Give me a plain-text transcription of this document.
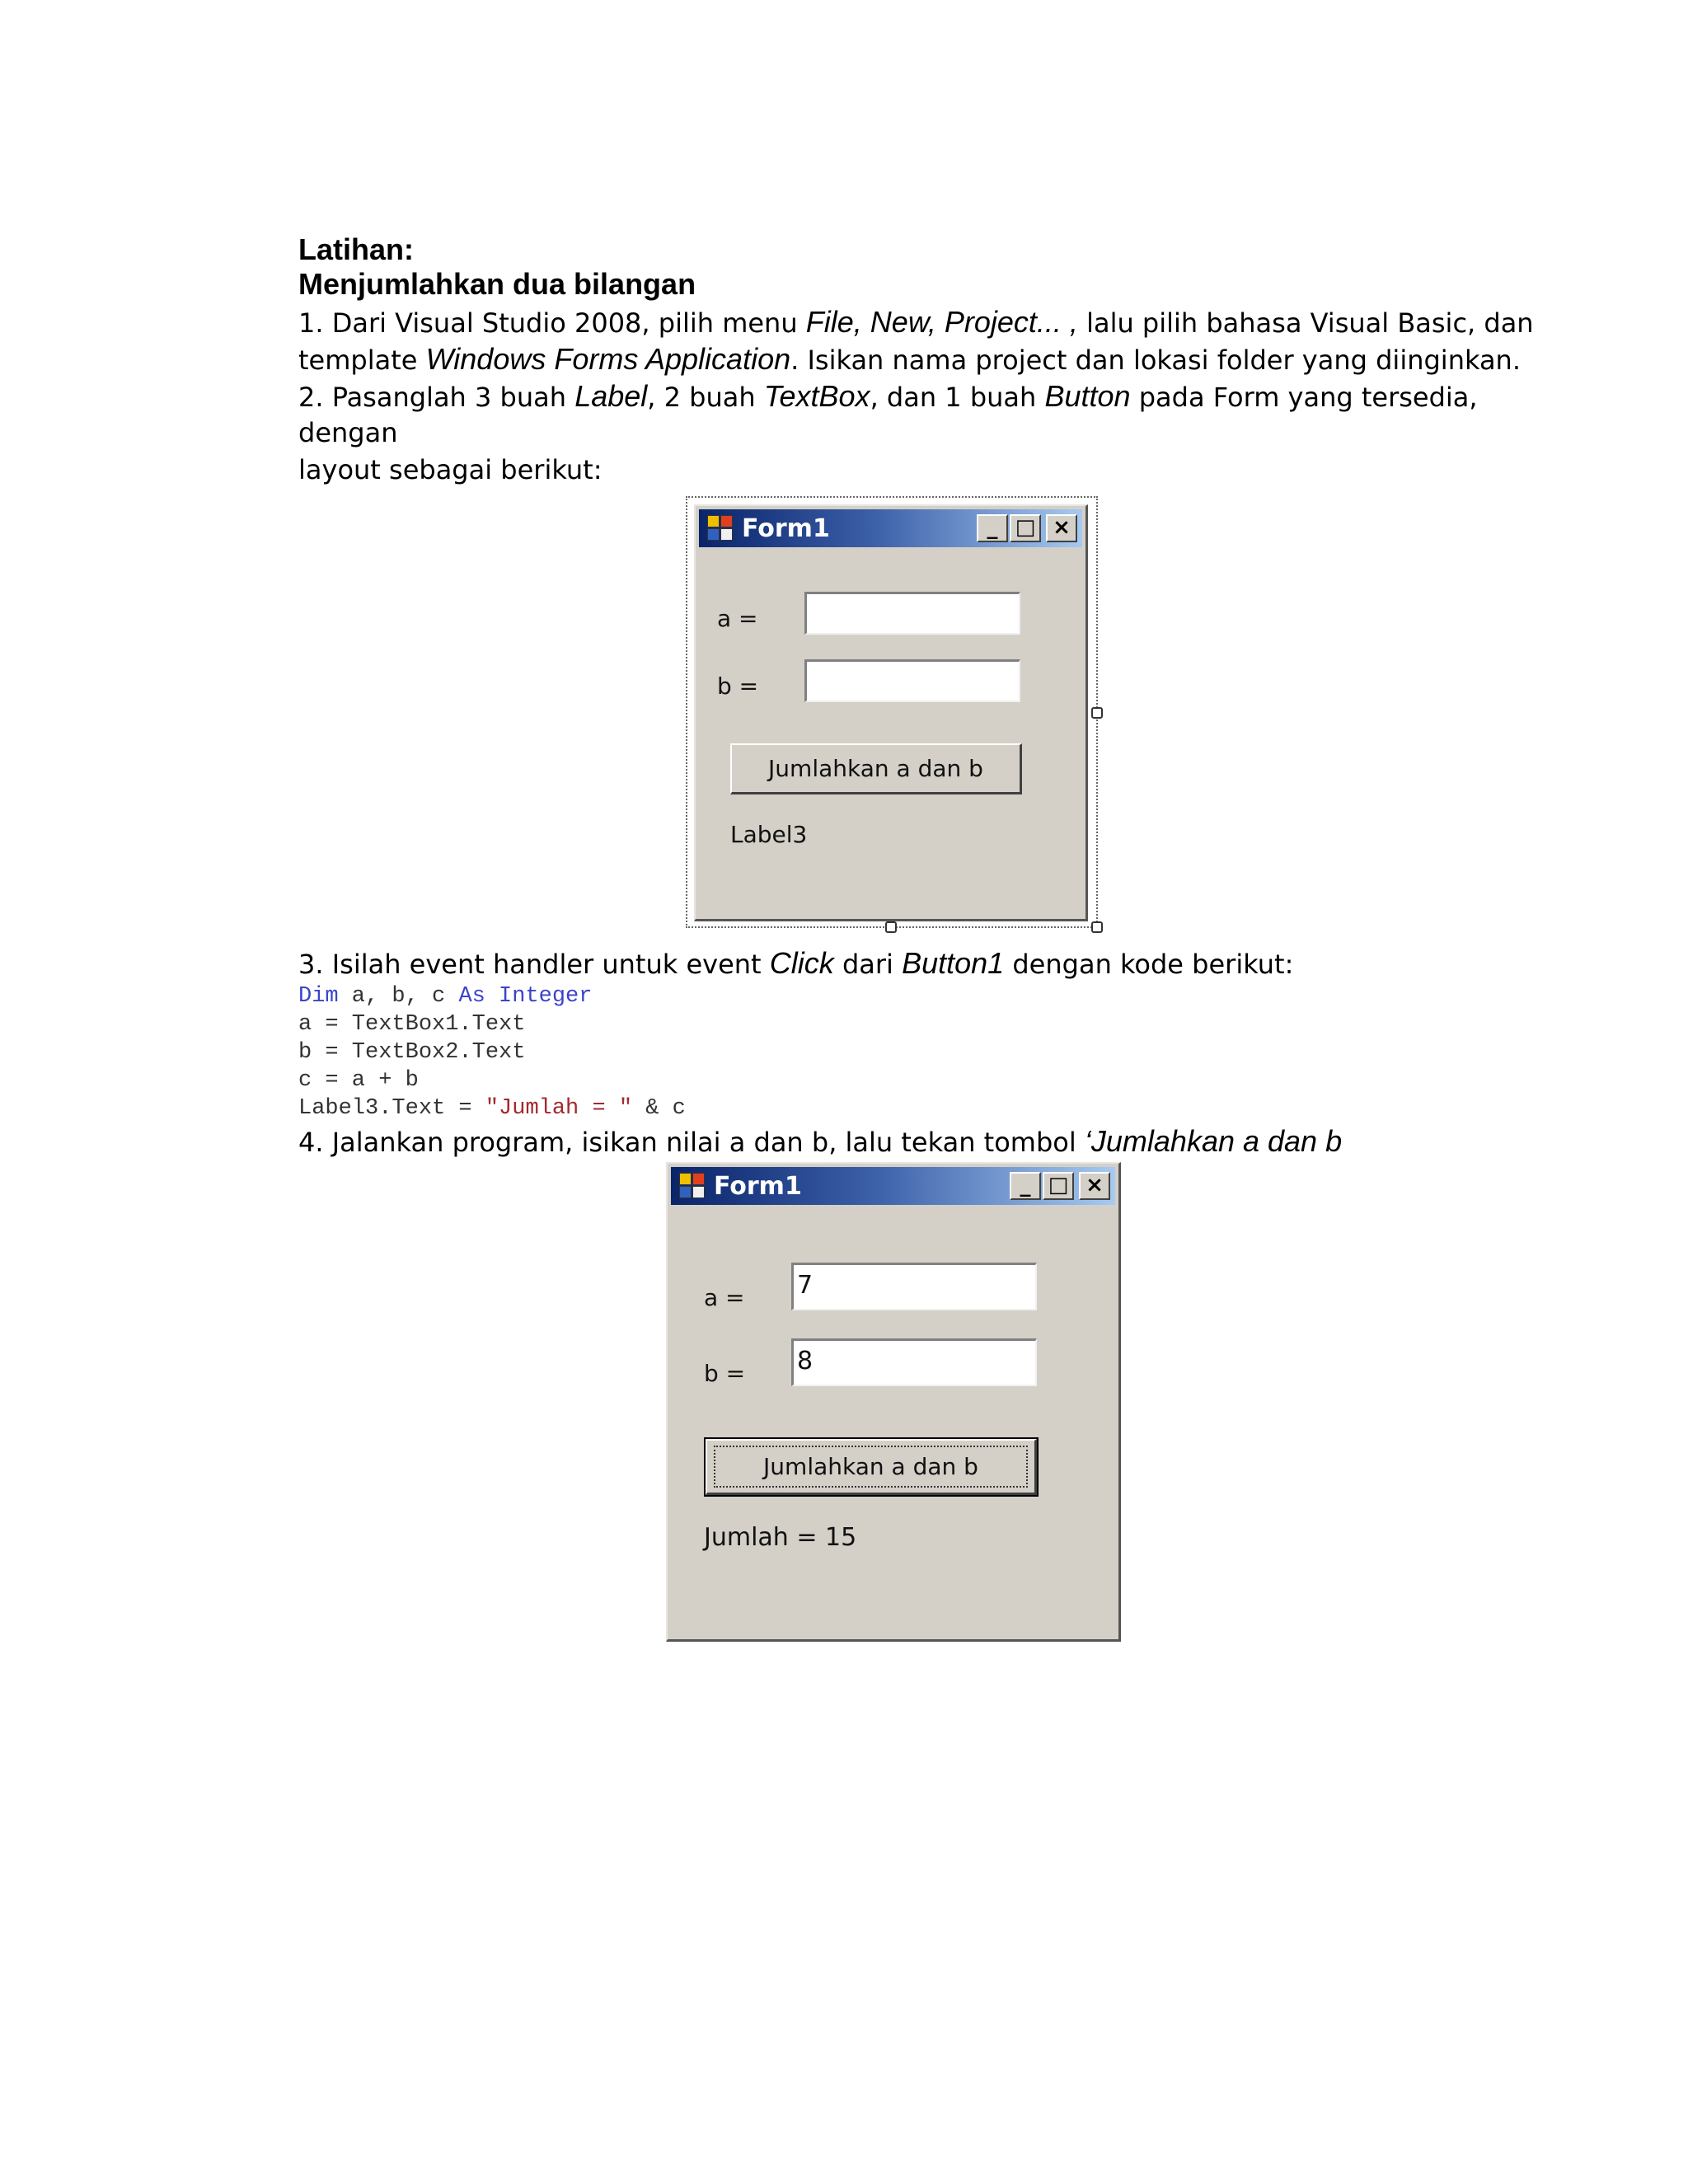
Latihan:
Menjumlahkan dua bilangan
1. Dari Visual Studio 2008, pilih menu File, New, Project... , lalu pilih bahasa Visual Basic, dan
template Windows Forms Application. Isikan nama project dan lokasi folder yang diinginkan.
2. Pasanglah 3 buah Label, 2 buah TextBox, dan 1 buah Button pada Form yang tersedia,
dengan
layout sebagai berikut:
Form1	_ □ ×
a =
b =
Jumlahkan a dan b
Label3
3. Isilah event handler untuk event Click dari Button1 dengan kode berikut:
Dim a, b, c As Integer
a = TextBox1.Text
b = TextBox2.Text
c = a + b
Label3.Text = "Jumlah = " & c
4. Jalankan program, isikan nilai a dan b, lalu tekan tombol ‘Jumlahkan a dan b
Form1	_ □ ×
a = 7
b = 8
Jumlahkan a dan b
Jumlah = 15
